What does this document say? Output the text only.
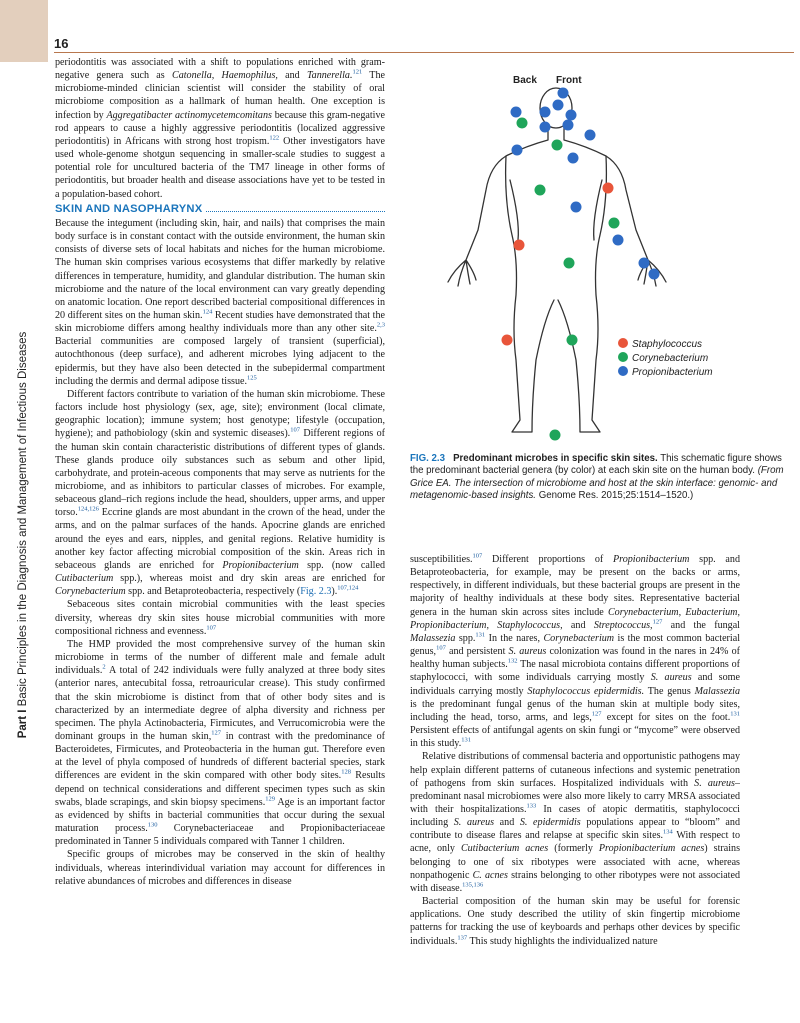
16
Part I Basic Principles in the Diagnosis and Management of Infectious Diseases

periodontitis was associated with a shift to populations enriched with gram-negative genera such as Catonella, Haemophilus, and Tannerella.$^{121}$ The microbiome-minded clinician scientist will consider the stability of oral microbiome composition as a hallmark of human health. One exception is infection by Aggregatibacter actinomycetemcomitans because this gram-negative rod appears to cause a highly aggressive periodontitis (localized aggressive periodontitis) in Africans with strong host tropism.$^{122}$ Other investigators have used whole-genome shotgun sequencing in smaller-scale studies to suggest a potential role for uncultured bacteria of the TM7 lineage in other forms of periodontitis, but broader health and disease associations have yet to be tested in a population-based cohort.

SKIN AND NASOPHARYNX

Because the integument (including skin, hair, and nails) that comprises the main body surface is in constant contact with the outside environment, the human skin consists of diverse sets of local habitats and niches for the human microbiome. The human skin comprises various ecosystems that differ markedly by relative differences in temperature, humidity, and glandular distribution. The human skin microbiome and the nature of the local environment can vary greatly depending on anatomic location. One report described bacterial compositional differences in 20 different sites on the human skin.$^{124}$ Recent studies have demonstrated that the skin microbiome differs among healthy individuals more than any other site.$^{2,3}$ Bacterial communities are composed largely of transient (superficial), autochthonous (deep surface), and adherent microbes lying adjacent to the epidermis, but they have also been detected in the subepidermal compartment including the dermis and dermal adipose tissue.$^{125}$

Different factors contribute to variation of the human skin microbiome. These factors include host physiology (sex, age, site); environment (local climate, geographic location); immune system; host genotype; lifestyle (occupation, hygiene); and pathobiology (skin and systemic diseases).$^{107}$ Different regions of the human skin contain characteristic distributions of different types of glands. These glands produce oily substances such as sebum and other lipid, carbohydrate, and protein-aceous components that may serve as nutrients for the microbiome, and as inhibitors to particular classes of microbes. For example, sebaceous gland–rich regions include the head, shoulders, upper arms, and upper torso.$^{124,126}$ Eccrine glands are most abundant in the crown of the head, under the arms, and on the palmar surfaces of the hands. Apocrine glands are enriched around the eyes and ears, nipples, and genital regions. Relative humidity is another key factor affecting microbial composition of the skin. Areas rich in sebaceous glands are enriched for Propionibacterium spp. (now called Cutibacterium spp.), whereas moist and dry skin areas are enriched for Corynebacterium spp. and Betaproteobacteria, respectively (Fig. 2.3).$^{107,124}$

Sebaceous sites contain microbial communities with the least species diversity, whereas dry skin sites house microbial communities with more compositional richness and evenness.$^{107}$

The HMP provided the most comprehensive survey of the human skin microbiome in terms of the number of different male and female adult individuals.$^2$ A total of 242 individuals were fully analyzed at three body sites (anterior nares, antecubital fossa, retroauricular crease). This study confirmed that the skin microbiome is distinct from that of other body sites and is characterized by an intermediate degree of alpha diversity and richness per specimen. The phyla Actinobacteria, Firmicutes, and Verrucomicrobia were the dominant groups in the human skin,$^{127}$ in contrast with the predominance of Bacteroidetes, Firmicutes, and Proteobacteria in the human gut. Therefore even at the level of phyla composed of hundreds of different bacterial species, stark differences are evident in the skin compared with other body sites.$^{128}$ Results depend on technical considerations and different specimen types such as skin swabs, blade scrapings, and skin biopsy specimens.$^{129}$ Age is an important factor as evidenced by shifts in bacterial communities that occur during the sexual maturation process.$^{130}$ Corynebacteriaceae and Propionibacteriaceae predominated in Tanner 5 individuals compared with Tanner 1 children.

Specific groups of microbes may be conserved in the skin of healthy individuals, whereas interindividual variation may account for differences in relative abundances of microbes and differences in disease

Back Front
Staphylococcus
Corynebacterium
Propionibacterium
FIG. 2.3 Predominant microbes in specific skin sites. This schematic figure shows the predominant bacterial genera (by color) at each skin site on the human body. (From Grice EA. The intersection of microbiome and host at the skin interface: genomic- and metagenomic-based insights. Genome Res. 2015;25:1514–1520.)

susceptibilities.$^{107}$ Different proportions of Propionibacterium spp. and Betaproteobacteria, for example, may be present on the backs or arms, respectively, in different individuals, but these bacterial groups are present in the majority of healthy individuals at these body sites. Representative bacterial genera in the human skin across sites include Corynebacterium, Eubacterium, Propionibacterium, Staphylococcus, and Streptococcus,$^{127}$ and the fungal Malassezia spp.$^{131}$ In the nares, Corynebacterium is the most common bacterial genus,$^{107}$ and persistent S. aureus colonization was found in the nares in 24% of healthy human subjects.$^{132}$ The nasal microbiota contains different proportions of staphylococci, with some individuals carrying mostly S. aureus and some individuals carrying mostly Staphylococcus epidermidis. The genus Malassezia is the predominant fungal genus of the human skin at multiple body sites, including the head, torso, arms, and legs,$^{127}$ except for sites on the foot.$^{131}$ Persistent effects of antifungal agents on skin fungi or “mycome” were observed in this study.$^{131}$

Relative distributions of commensal bacteria and opportunistic pathogens may help explain different patterns of cutaneous infections and systemic penetration of pathogens from skin surfaces. Hospitalized individuals with S. aureus–predominant nasal microbiomes were also more likely to carry MRSA associated with their hospitalizations.$^{133}$ In cases of atopic dermatitis, staphylococci including S. aureus and S. epidermidis populations appear to “bloom” and contribute to disease flares and relapse at specific skin sites.$^{134}$ With respect to acne, only Cutibacterium acnes (formerly Propionibacterium acnes) strains belonging to one of six ribotypes were associated with acne, whereas nonpathogenic C. acnes strains belonging to other ribotypes were not associated with disease.$^{135,136}$

Bacterial composition of the human skin may be useful for forensic applications. One study described the utility of skin fingertip microbiome patterns for tracking the use of keyboards and perhaps other devices by specific individuals.$^{137}$ This study highlights the individualized nature
